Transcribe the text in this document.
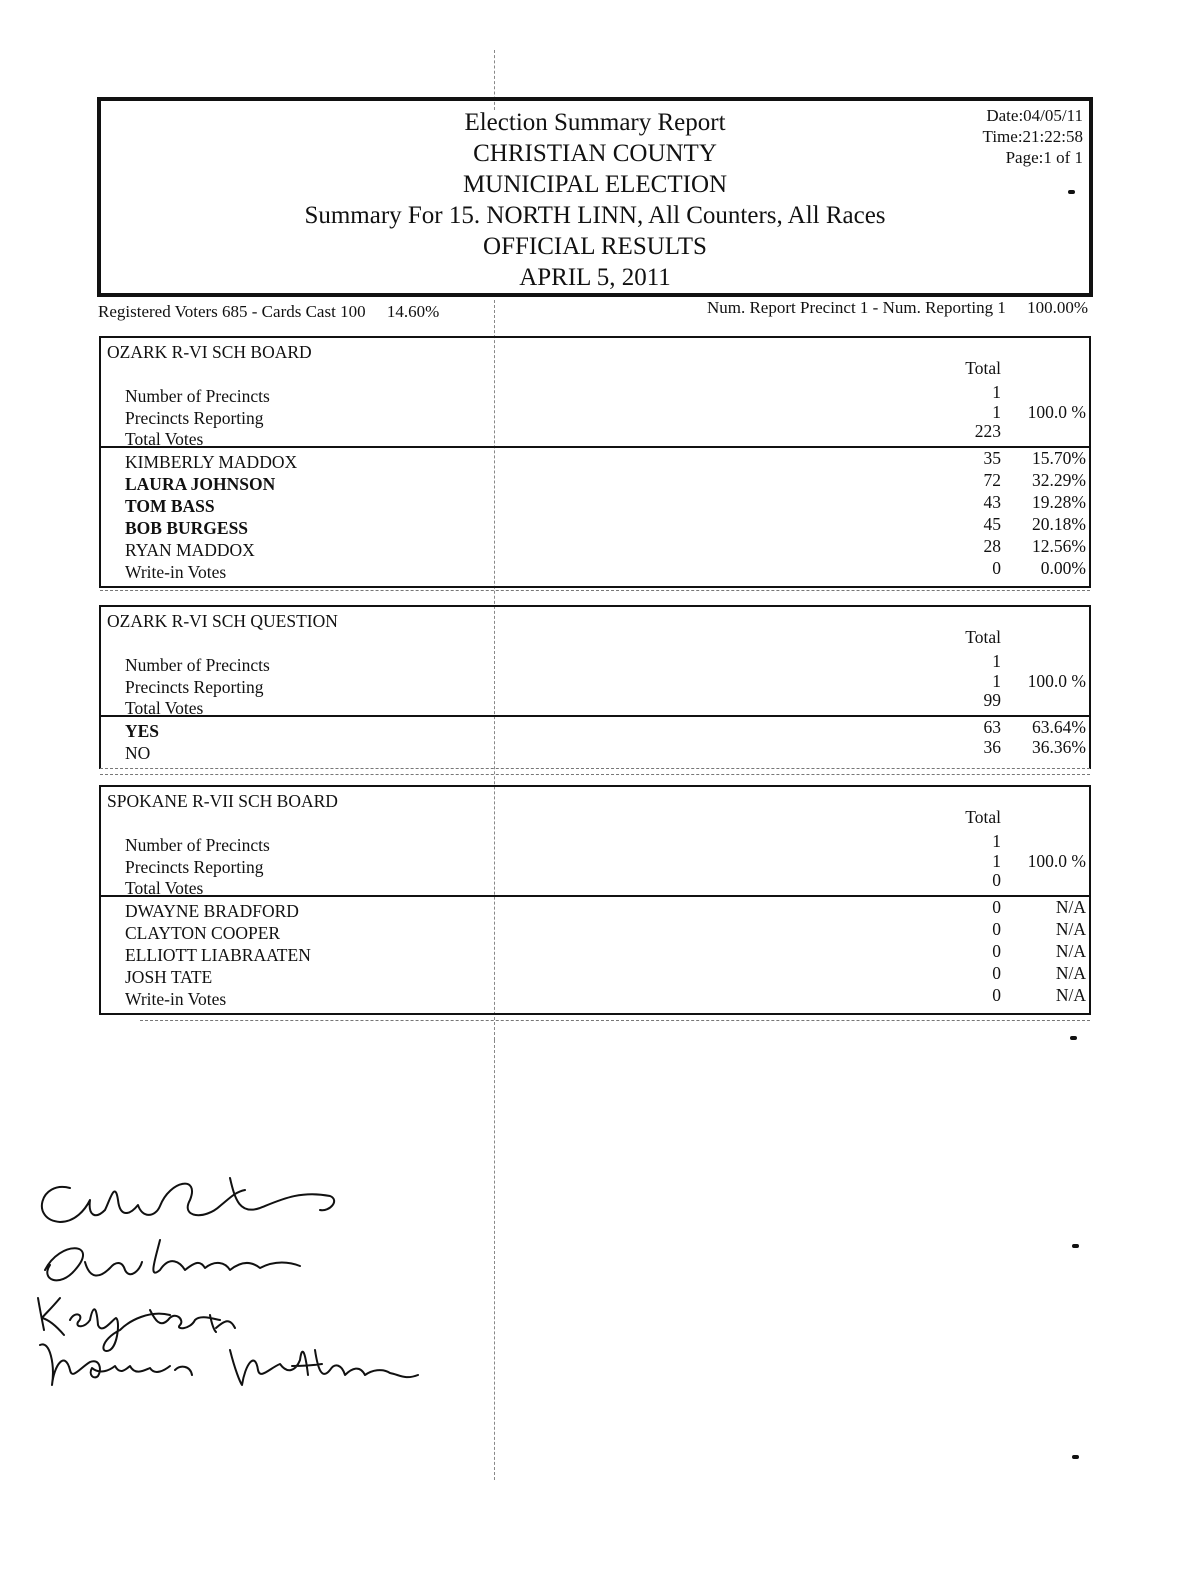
Election Summary Report
CHRISTIAN COUNTY
MUNICIPAL ELECTION
Summary For 15. NORTH LINN, All Counters, All Races
OFFICIAL RESULTS
APRIL 5, 2011
Date:04/05/11
Time:21:22:58
Page:1 of 1
Registered Voters 685 - Cards Cast 100     14.60%	Num. Report Precinct 1 - Num. Reporting 1     100.00%
OZARK R-VI SCH BOARD
Total
Number of Precincts	1
Precincts Reporting	1	100.0 %
Total Votes	223
KIMBERLY MADDOX	35	15.70%
LAURA JOHNSON	72	32.29%
TOM BASS	43	19.28%
BOB BURGESS	45	20.18%
RYAN MADDOX	28	12.56%
Write-in Votes	0	0.00%
OZARK R-VI SCH QUESTION
Total
Number of Precincts	1
Precincts Reporting	1	100.0 %
Total Votes	99
YES	63	63.64%
NO	36	36.36%
SPOKANE R-VII SCH BOARD
Total
Number of Precincts	1
Precincts Reporting	1	100.0 %
Total Votes	0
DWAYNE BRADFORD	0	N/A
CLAYTON COOPER	0	N/A
ELLIOTT LIABRAATEN	0	N/A
JOSH TATE	0	N/A
Write-in Votes	0	N/A
